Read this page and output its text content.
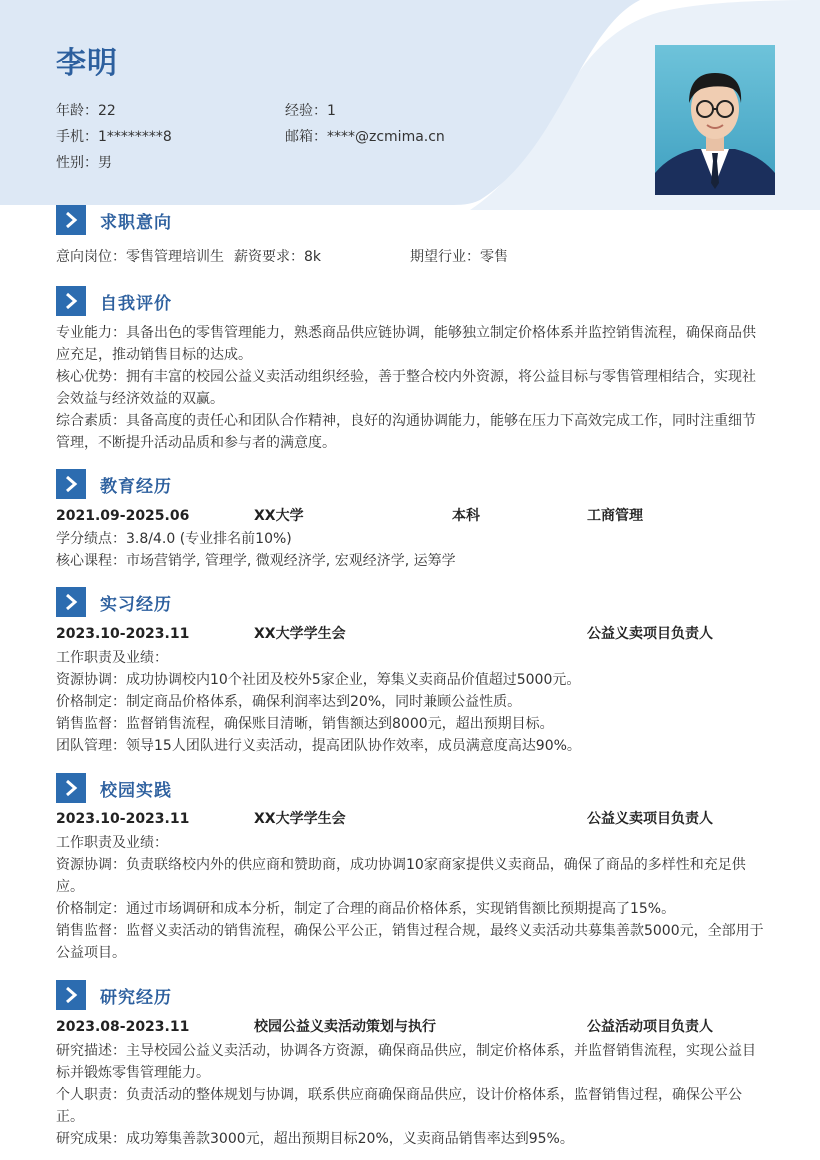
李明
年龄：22	经验：1
手机：1********8	邮箱：****@zcmima.cn
性别：男
求职意向
意向岗位：零售管理培训生 薪资要求：8k	期望行业：零售
自我评价

专业能力：具备出色的零售管理能力，熟悉商品供应链协调，能够独立制定价格体系并监控销售流程，确保商品供应充足，推动销售目标的达成。

核心优势：拥有丰富的校园公益义卖活动组织经验，善于整合校内外资源，将公益目标与零售管理相结合，实现社会效益与经济效益的双赢。

综合素质：具备高度的责任心和团队合作精神，良好的沟通协调能力，能够在压力下高效完成工作，同时注重细节管理，不断提升活动品质和参与者的满意度。

教育经历
2021.09-2025.06	XX大学	本科	工商管理

学分绩点：3.8/4.0 (专业排名前10%)

核心课程：市场营销学, 管理学, 微观经济学, 宏观经济学, 运筹学

实习经历
2023.10-2023.11	XX大学学生会	公益义卖项目负责人

工作职责及业绩：

资源协调：成功协调校内10个社团及校外5家企业，筹集义卖商品价值超过5000元。

价格制定：制定商品价格体系，确保利润率达到20%，同时兼顾公益性质。

销售监督：监督销售流程，确保账目清晰，销售额达到8000元，超出预期目标。

团队管理：领导15人团队进行义卖活动，提高团队协作效率，成员满意度高达90%。

校园实践
2023.10-2023.11	XX大学学生会	公益义卖项目负责人

工作职责及业绩：

资源协调：负责联络校内外的供应商和赞助商，成功协调10家商家提供义卖商品，确保了商品的多样性和充足供应。

价格制定：通过市场调研和成本分析，制定了合理的商品价格体系，实现销售额比预期提高了15%。

销售监督：监督义卖活动的销售流程，确保公平公正，销售过程合规，最终义卖活动共募集善款5000元，全部用于公益项目。

研究经历
2023.08-2023.11	校园公益义卖活动策划与执行	公益活动项目负责人

研究描述：主导校园公益义卖活动，协调各方资源，确保商品供应，制定价格体系，并监督销售流程，实现公益目标并锻炼零售管理能力。

个人职责：负责活动的整体规划与协调，联系供应商确保商品供应，设计价格体系，监督销售过程，确保公平公正。

研究成果：成功筹集善款3000元，超出预期目标20%，义卖商品销售率达到95%。
